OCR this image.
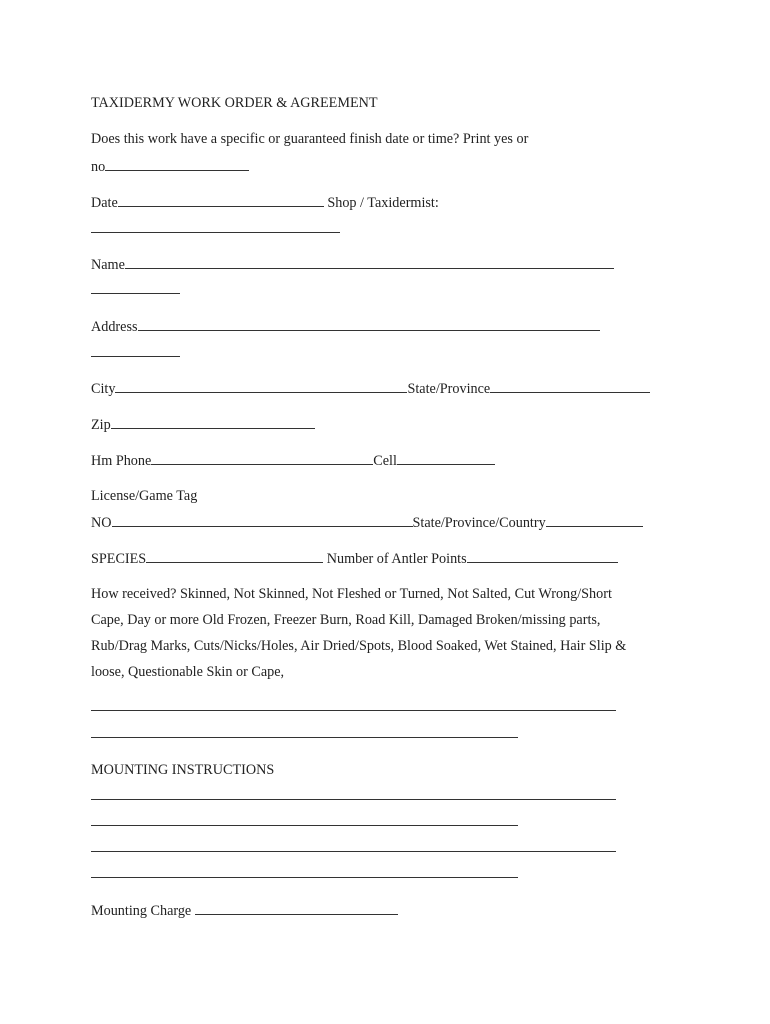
TAXIDERMY WORK ORDER & AGREEMENT
Does this work have a specific or guaranteed finish date or time? Print yes or
no
Date	Shop / Taxidermist:
Name
Address
City	State/Province
Zip
Hm Phone	Cell
License/Game Tag
NO	State/Province/Country
SPECIES	Number of Antler Points
How received? Skinned, Not Skinned, Not Fleshed or Turned, Not Salted, Cut Wrong/Short
Cape, Day or more Old Frozen, Freezer Burn, Road Kill, Damaged Broken/missing parts,
Rub/Drag Marks, Cuts/Nicks/Holes, Air Dried/Spots, Blood Soaked, Wet Stained, Hair Slip &
loose, Questionable Skin or Cape,
MOUNTING INSTRUCTIONS
Mounting Charge
